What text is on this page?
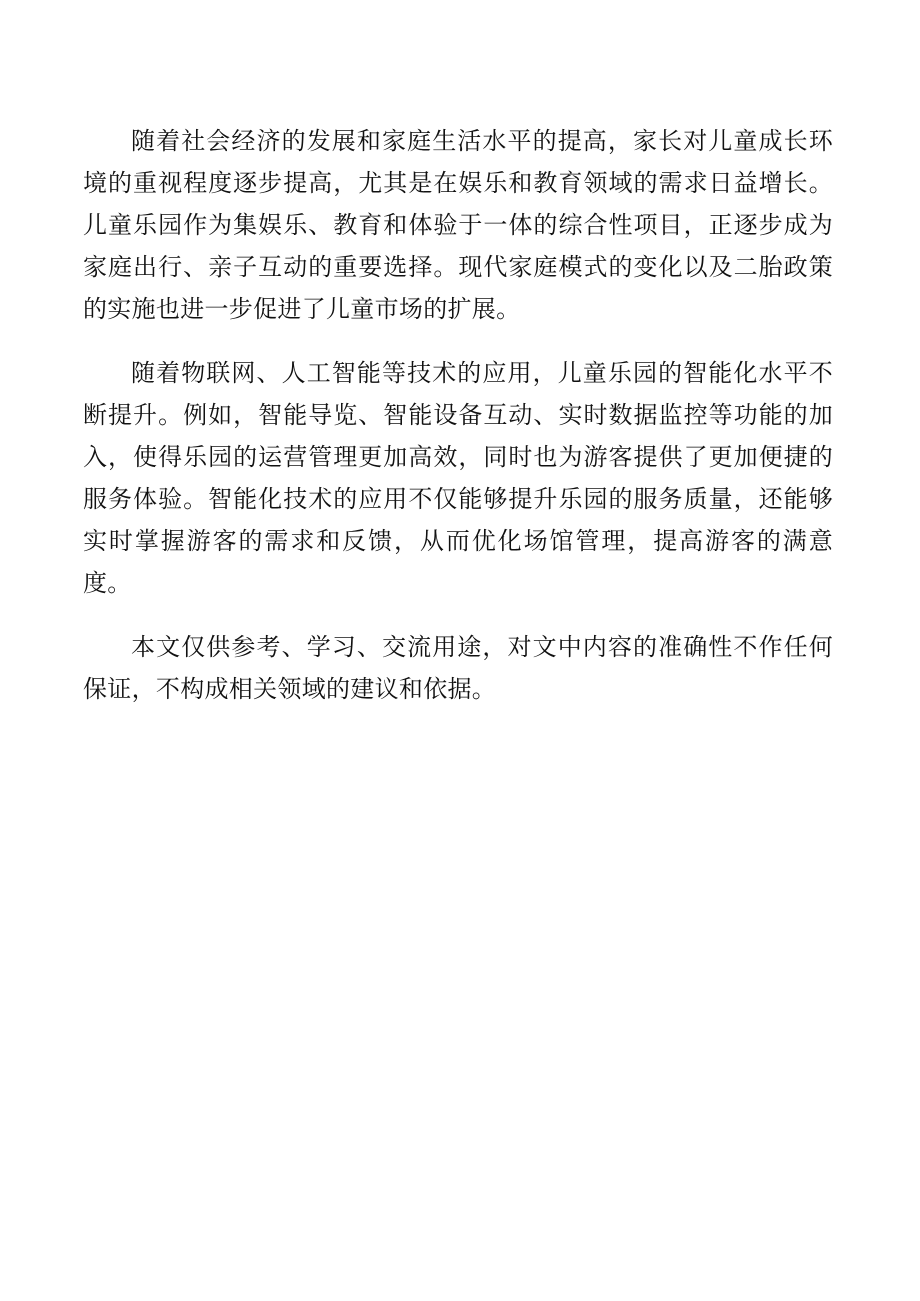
随着社会经济的发展和家庭生活水平的提高，家长对儿童成长环境的重视程度逐步提高，尤其是在娱乐和教育领域的需求日益增长。儿童乐园作为集娱乐、教育和体验于一体的综合性项目，正逐步成为家庭出行、亲子互动的重要选择。现代家庭模式的变化以及二胎政策的实施也进一步促进了儿童市场的扩展。

随着物联网、人工智能等技术的应用，儿童乐园的智能化水平不断提升。例如，智能导览、智能设备互动、实时数据监控等功能的加入，使得乐园的运营管理更加高效，同时也为游客提供了更加便捷的服务体验。智能化技术的应用不仅能够提升乐园的服务质量，还能够实时掌握游客的需求和反馈，从而优化场馆管理，提高游客的满意度。

本文仅供参考、学习、交流用途，对文中内容的准确性不作任何保证，不构成相关领域的建议和依据。
